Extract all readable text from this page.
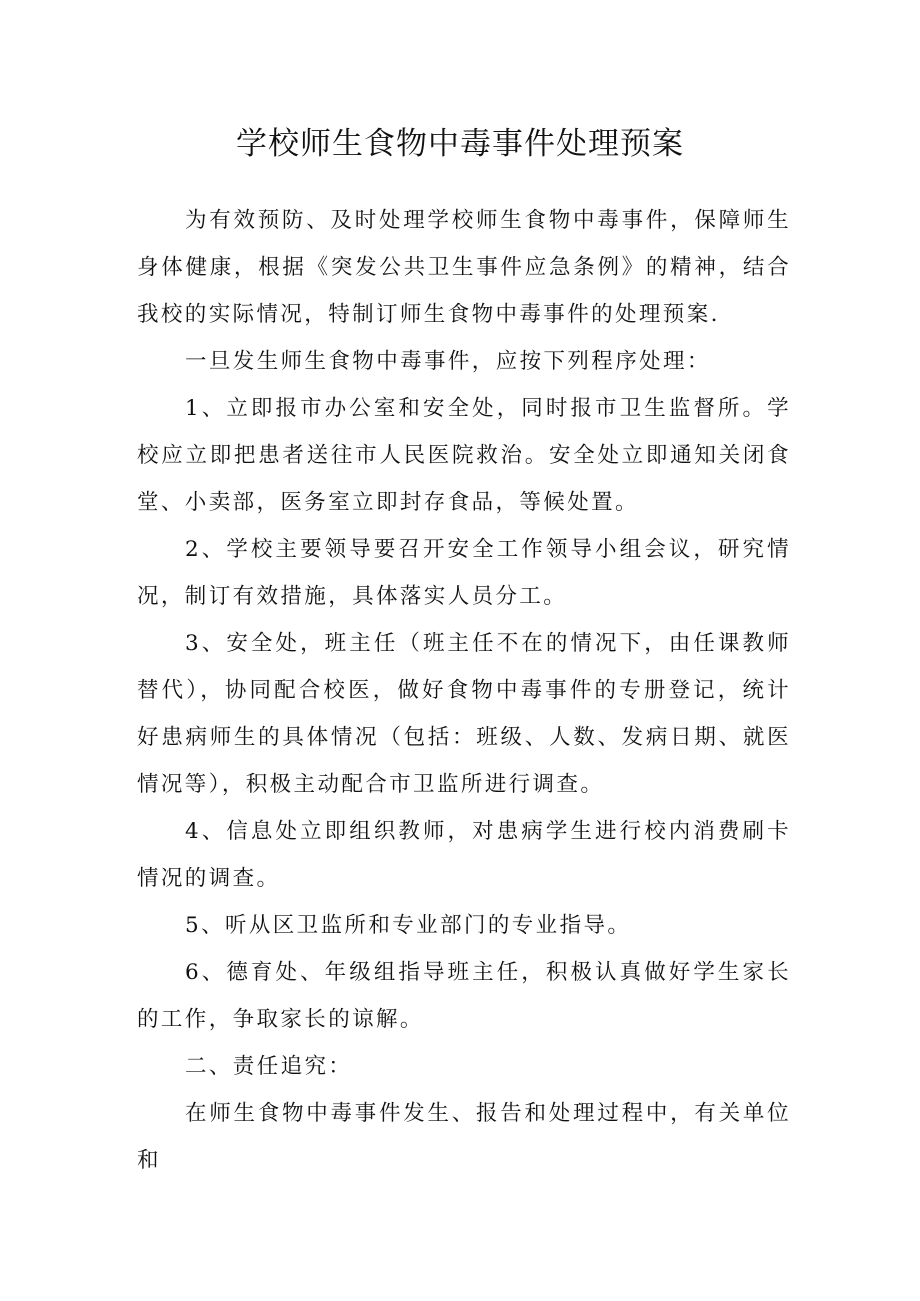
学校师生食物中毒事件处理预案

为有效预防、及时处理学校师生食物中毒事件，保障师生身体健康，根据《突发公共卫生事件应急条例》的精神，结合我校的实际情况，特制订师生食物中毒事件的处理预案.

一旦发生师生食物中毒事件，应按下列程序处理：

1、立即报市办公室和安全处，同时报市卫生监督所。学校应立即把患者送往市人民医院救治。安全处立即通知关闭食堂、小卖部，医务室立即封存食品，等候处置。

2、学校主要领导要召开安全工作领导小组会议，研究情况，制订有效措施，具体落实人员分工。

3、安全处，班主任（班主任不在的情况下，由任课教师替代），协同配合校医，做好食物中毒事件的专册登记，统计好患病师生的具体情况（包括：班级、人数、发病日期、就医情况等），积极主动配合市卫监所进行调查。

4、信息处立即组织教师，对患病学生进行校内消费刷卡情况的调查。

5、听从区卫监所和专业部门的专业指导。

6、德育处、年级组指导班主任，积极认真做好学生家长的工作，争取家长的谅解。

二、责任追究：

在师生食物中毒事件发生、报告和处理过程中，有关单位和
